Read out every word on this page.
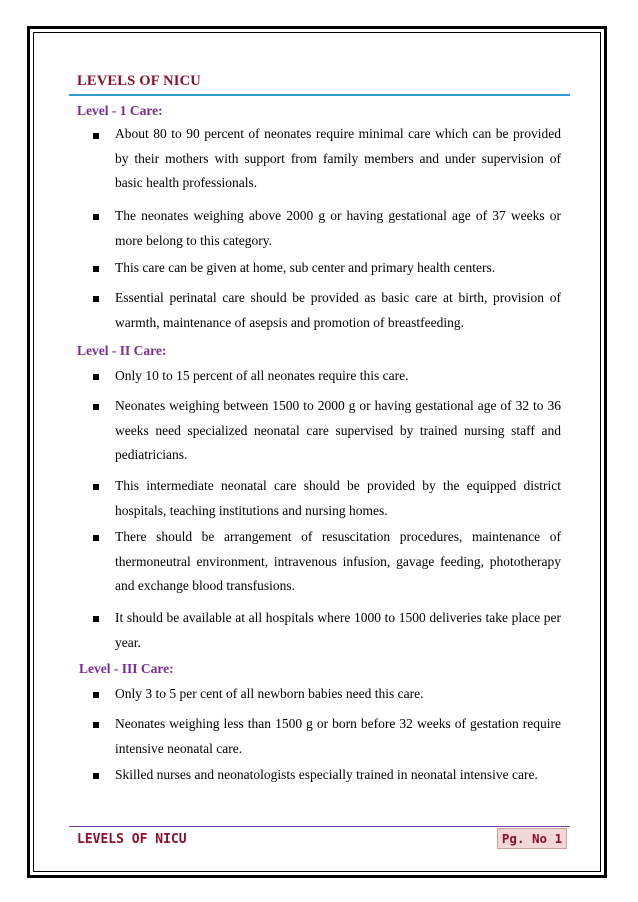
LEVELS OF NICU
Level - 1 Care:
About 80 to 90 percent of neonates require minimal care which can be provided by their mothers with support from family members and under supervision of basic health professionals.
The neonates weighing above 2000 g or having gestational age of 37 weeks or more belong to this category.
This care can be given at home, sub center and primary health centers.
Essential perinatal care should be provided as basic care at birth, provision of warmth, maintenance of asepsis and promotion of breastfeeding.
Level - II Care:
Only 10 to 15 percent of all neonates require this care.
Neonates weighing between 1500 to 2000 g or having gestational age of 32 to 36 weeks need specialized neonatal care supervised by trained nursing staff and pediatricians.
This intermediate neonatal care should be provided by the equipped district hospitals, teaching institutions and nursing homes.
There should be arrangement of resuscitation procedures, maintenance of thermoneutral environment, intravenous infusion, gavage feeding, phototherapy and exchange blood transfusions.
It should be available at all hospitals where 1000 to 1500 deliveries take place per year.
Level - III Care:
Only 3 to 5 per cent of all newborn babies need this care.
Neonates weighing less than 1500 g or born before 32 weeks of gestation require intensive neonatal care.
Skilled nurses and neonatologists especially trained in neonatal intensive care.
LEVELS OF NICU	Pg. No 1
